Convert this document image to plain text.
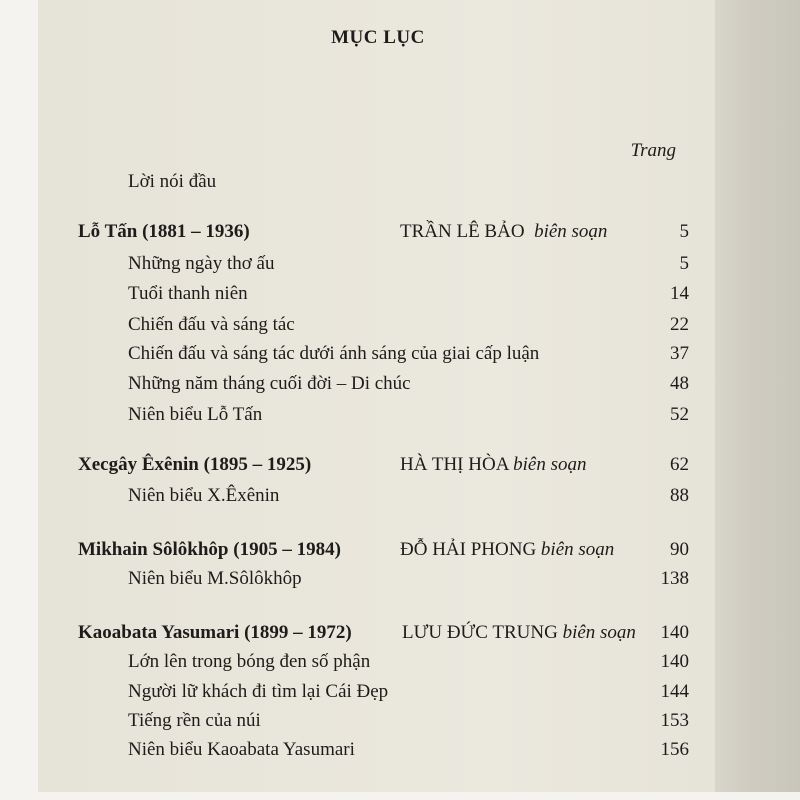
MỤC LỤC
Trang
Lời nói đầu
Lỗ Tấn (1881 – 1936)	TRẦN LÊ BẢO biên soạn	5
Những ngày thơ ấu	5
Tuổi thanh niên	14
Chiến đấu và sáng tác	22
Chiến đấu và sáng tác dưới ánh sáng của giai cấp luận	37
Những năm tháng cuối đời – Di chúc	48
Niên biểu Lỗ Tấn	52
Xecgây Êxênin (1895 – 1925)	HÀ THỊ HÒA biên soạn	62
Niên biểu X.Êxênin	88
Mikhain Sôlôkhôp (1905 – 1984)	ĐỖ HẢI PHONG biên soạn	90
Niên biểu M.Sôlôkhôp	138
Kaoabata Yasumari (1899 – 1972)	LƯU ĐỨC TRUNG biên soạn 140
Lớn lên trong bóng đen số phận	140
Người lữ khách đi tìm lại Cái Đẹp	144
Tiếng rền của núi	153
Niên biểu Kaoabata Yasumari	156
